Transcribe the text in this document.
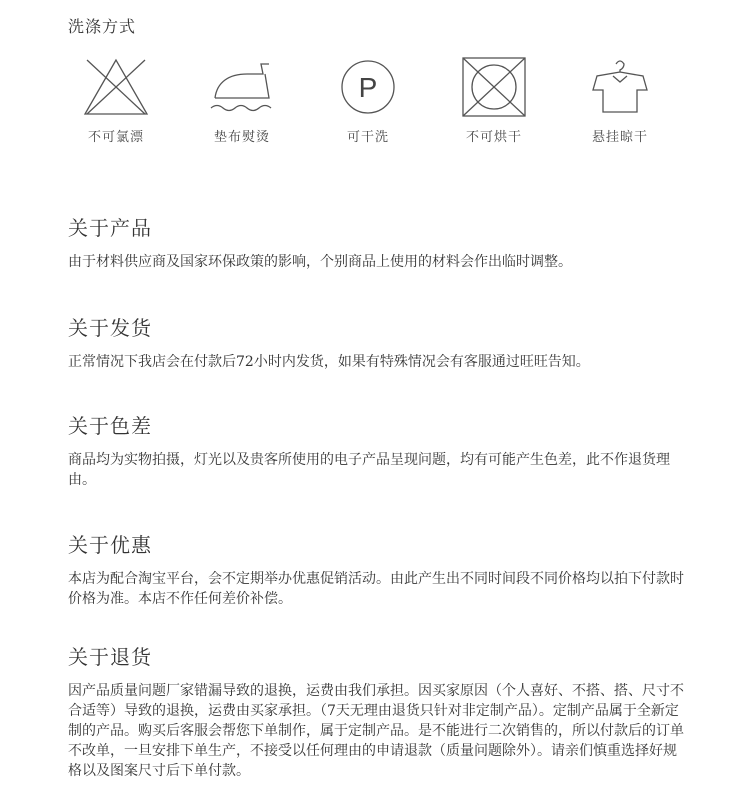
洗涤方式
不可氯漂	垫布熨烫
P
可干洗	不可烘干	悬挂晾干
关于产品
由于材料供应商及国家环保政策的影响，个别商品上使用的材料会作出临时调整。
关于发货
正常情况下我店会在付款后72小时内发货，如果有特殊情况会有客服通过旺旺告知。
关于色差
商品均为实物拍摄，灯光以及贵客所使用的电子产品呈现问题，均有可能产生色差，此不作退货理由。
关于优惠
本店为配合淘宝平台，会不定期举办优惠促销活动。由此产生出不同时间段不同价格均以拍下付款时价格为准。本店不作任何差价补偿。
关于退货
因产品质量问题厂家错漏导致的退换，运费由我们承担。因买家原因（个人喜好、不搭、搭、尺寸不合适等）导致的退换，运费由买家承担。（7天无理由退货只针对非定制产品）。定制产品属于全新定制的产品。购买后客服会帮您下单制作，属于定制产品。是不能进行二次销售的，所以付款后的订单不改单，一旦安排下单生产，不接受以任何理由的申请退款（质量问题除外）。请亲们慎重选择好规格以及图案尺寸后下单付款。
